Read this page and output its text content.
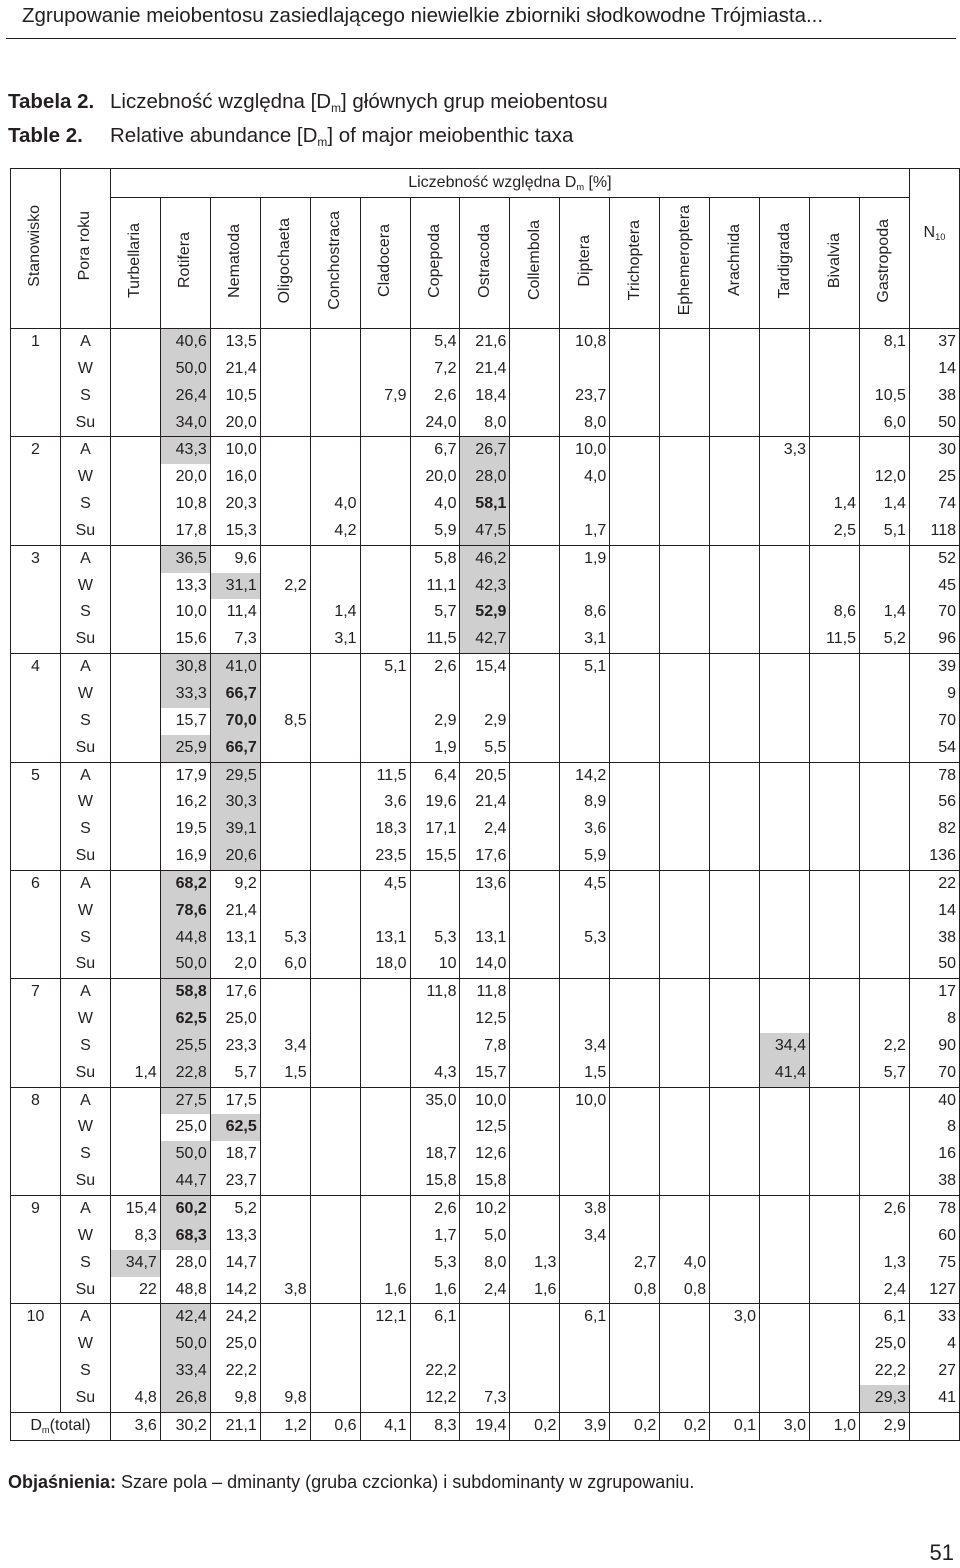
Zgrupowanie meiobentosu zasiedlającego niewielkie zbiorniki słodkowodne Trójmiasta...
Tabela 2. Liczebność względna $[D_m]$ głównych grup meiobentosu
Table 2. Relative abundance $[D_m]$ of major meiobenthic taxa
Stanowisko	Pora roku	Liczebność względna $D_m$ [%]																$N_{10}$
		Turbellaria	Rotifera	Nematoda	Oligochaeta	Conchostraca	Cladocera	Copepoda	Ostracoda	Collembola	Diptera	Trichoptera	Ephemeroptera	Arachnida	Tardigrada	Bivalvia	Gastropoda	
1	A		40,6	13,5				5,4	21,6		10,8						8,1	37
	W		50,0	21,4				7,2	21,4									14
	S		26,4	10,5			7,9	2,6	18,4		23,7						10,5	38
	Su		34,0	20,0				24,0	8,0		8,0						6,0	50
2	A		43,3	10,0				6,7	26,7		10,0				3,3			30
	W		20,0	16,0				20,0	28,0		4,0						12,0	25
	S		10,8	20,3		4,0		4,0	58,1							1,4	1,4	74
	Su		17,8	15,3		4,2		5,9	47,5		1,7					2,5	5,1	118
3	A		36,5	9,6				5,8	46,2		1,9							52
	W		13,3	31,1	2,2			11,1	42,3									45
	S		10,0	11,4		1,4		5,7	52,9		8,6					8,6	1,4	70
	Su		15,6	7,3		3,1		11,5	42,7		3,1					11,5	5,2	96
4	A		30,8	41,0			5,1	2,6	15,4		5,1							39
	W		33,3	66,7														9
	S		15,7	70,0	8,5			2,9	2,9									70
	Su		25,9	66,7				1,9	5,5									54
5	A		17,9	29,5			11,5	6,4	20,5		14,2							78
	W		16,2	30,3			3,6	19,6	21,4		8,9							56
	S		19,5	39,1			18,3	17,1	2,4		3,6							82
	Su		16,9	20,6			23,5	15,5	17,6		5,9							136
6	A		68,2	9,2			4,5		13,6		4,5							22
	W		78,6	21,4														14
	S		44,8	13,1	5,3		13,1	5,3	13,1		5,3							38
	Su		50,0	2,0	6,0		18,0	10	14,0									50
7	A		58,8	17,6				11,8	11,8									17
	W		62,5	25,0					12,5									8
	S		25,5	23,3	3,4				7,8		3,4				34,4		2,2	90
	Su	1,4	22,8	5,7	1,5			4,3	15,7		1,5				41,4		5,7	70
8	A		27,5	17,5				35,0	10,0		10,0							40
	W		25,0	62,5					12,5									8
	S		50,0	18,7				18,7	12,6									16
	Su		44,7	23,7				15,8	15,8									38
9	A	15,4	60,2	5,2				2,6	10,2		3,8						2,6	78
	W	8,3	68,3	13,3				1,7	5,0		3,4							60
	S	34,7	28,0	14,7				5,3	8,0	1,3		2,7	4,0				1,3	75
	Su	22	48,8	14,2	3,8		1,6	1,6	2,4	1,6		0,8	0,8				2,4	127
10	A		42,4	24,2			12,1	6,1			6,1			3,0			6,1	33
	W		50,0	25,0													25,0	4
	S		33,4	22,2				22,2									22,2	27
	Su	4,8	26,8	9,8	9,8			12,2	7,3								29,3	41
$D_m(total)$		3,6	30,2	21,1	1,2	0,6	4,1	8,3	19,4	0,2	3,9	0,2	0,2	0,1	3,0	1,0	2,9	
Objaśnienia: Szare pola – dminanty (gruba czcionka) i subdominanty w zgrupowaniu.
51
